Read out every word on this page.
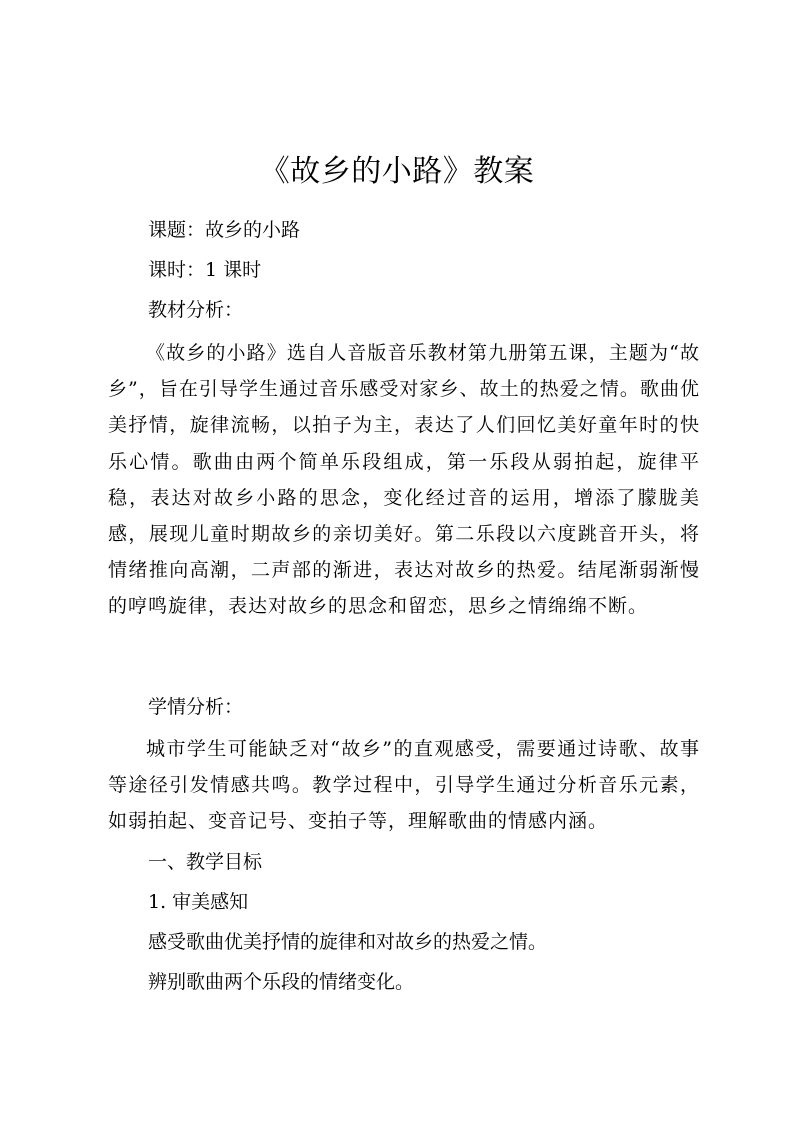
《故乡的小路》教案

课题：故乡的小路

课时：1 课时

教材分析：

《故乡的小路》选自人音版音乐教材第九册第五课，主题为“故乡”，旨在引导学生通过音乐感受对家乡、故土的热爱之情。歌曲优美抒情，旋律流畅，以拍子为主，表达了人们回忆美好童年时的快乐心情。歌曲由两个简单乐段组成，第一乐段从弱拍起，旋律平稳，表达对故乡小路的思念，变化经过音的运用，增添了朦胧美感，展现儿童时期故乡的亲切美好。第二乐段以六度跳音开头，将情绪推向高潮，二声部的渐进，表达对故乡的热爱。结尾渐弱渐慢的哼鸣旋律，表达对故乡的思念和留恋，思乡之情绵绵不断。

学情分析：

城市学生可能缺乏对“故乡”的直观感受，需要通过诗歌、故事等途径引发情感共鸣。教学过程中，引导学生通过分析音乐元素，如弱拍起、变音记号、变拍子等，理解歌曲的情感内涵。

一、教学目标

1. 审美感知

感受歌曲优美抒情的旋律和对故乡的热爱之情。

辨别歌曲两个乐段的情绪变化。
